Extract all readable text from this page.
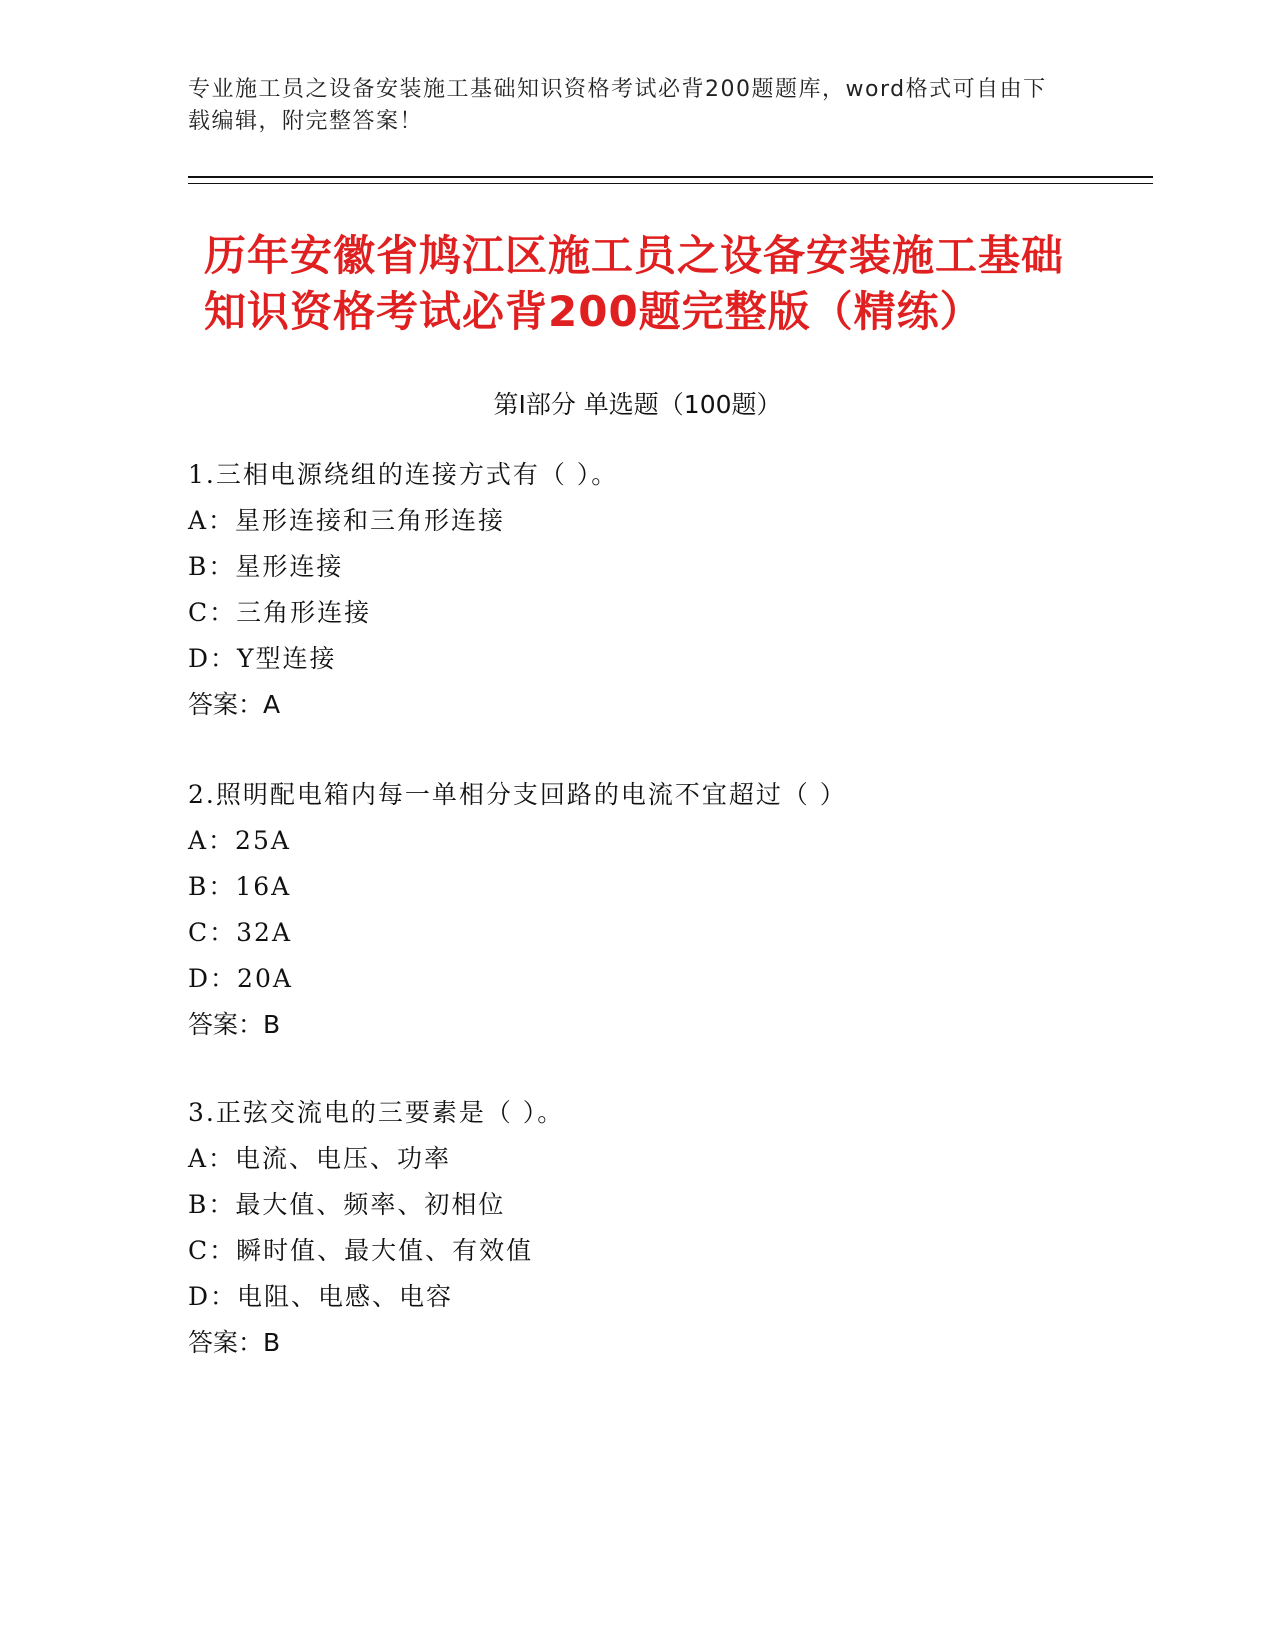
专业施工员之设备安装施工基础知识资格考试必背200题题库，word格式可自由下载编辑，附完整答案！
历年安徽省鸠江区施工员之设备安装施工基础知识资格考试必背200题完整版（精练）
第Ⅰ部分 单选题（100题）
1.三相电源绕组的连接方式有（ ）。
A：星形连接和三角形连接
B：星形连接
C：三角形连接
D：Y型连接
答案：A
2.照明配电箱内每一单相分支回路的电流不宜超过（ ）
A：25A
B：16A
C：32A
D：20A
答案：B
3.正弦交流电的三要素是（ ）。
A：电流、电压、功率
B：最大值、频率、初相位
C：瞬时值、最大值、有效值
D：电阻、电感、电容
答案：B
